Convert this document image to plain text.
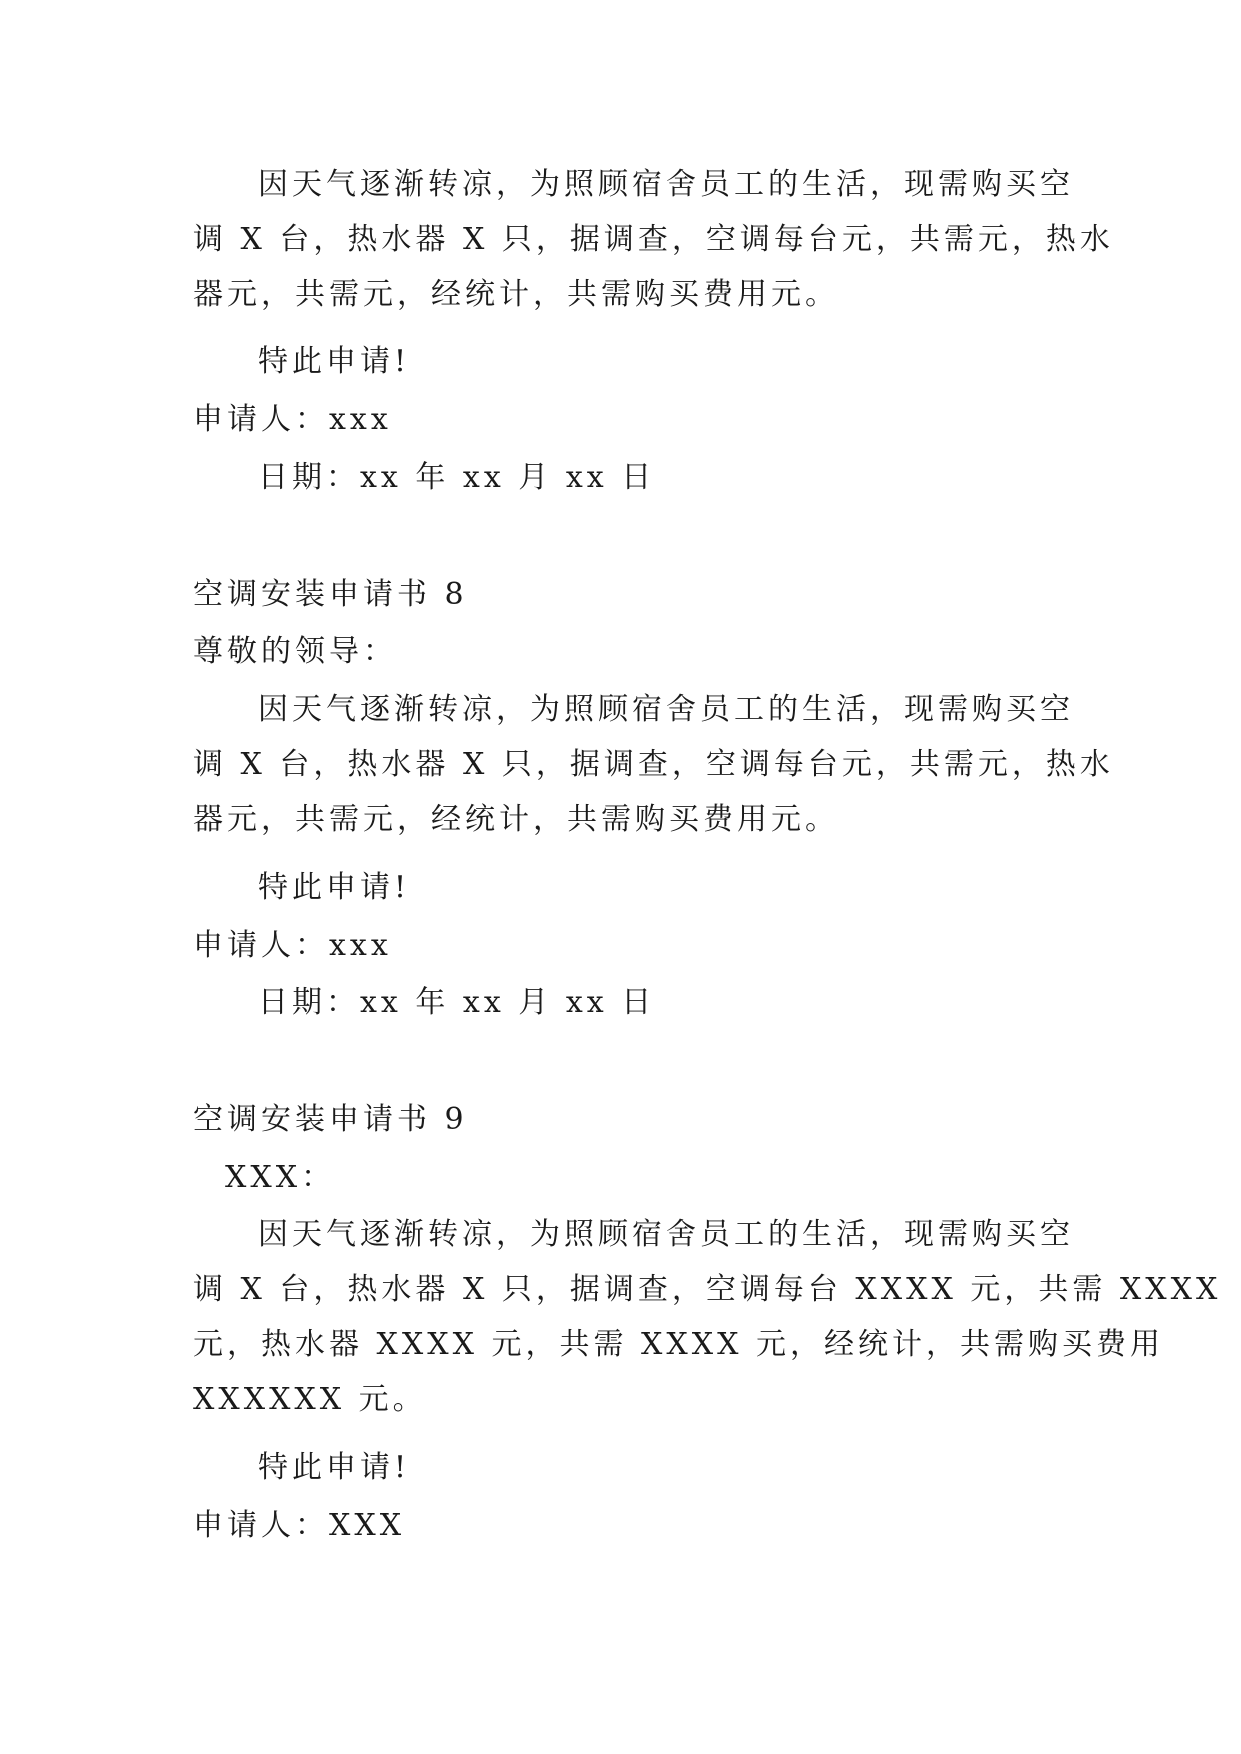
因天气逐渐转凉，为照顾宿舍员工的生活，现需购买空
调 X 台，热水器 X 只，据调查，空调每台元，共需元，热水
器元，共需元，经统计，共需购买费用元。
特此申请!
申请人：xxx
日期：xx 年 xx 月 xx 日
空调安装申请书 8
尊敬的领导：
因天气逐渐转凉，为照顾宿舍员工的生活，现需购买空
调 X 台，热水器 X 只，据调查，空调每台元，共需元，热水
器元，共需元，经统计，共需购买费用元。
特此申请!
申请人：xxx
日期：xx 年 xx 月 xx 日
空调安装申请书 9
XXX：
因天气逐渐转凉，为照顾宿舍员工的生活，现需购买空
调 X 台，热水器 X 只，据调查，空调每台 XXXX 元，共需 XXXX
元，热水器 XXXX 元，共需 XXXX 元，经统计，共需购买费用
XXXXXX 元。
特此申请!
申请人：XXX
